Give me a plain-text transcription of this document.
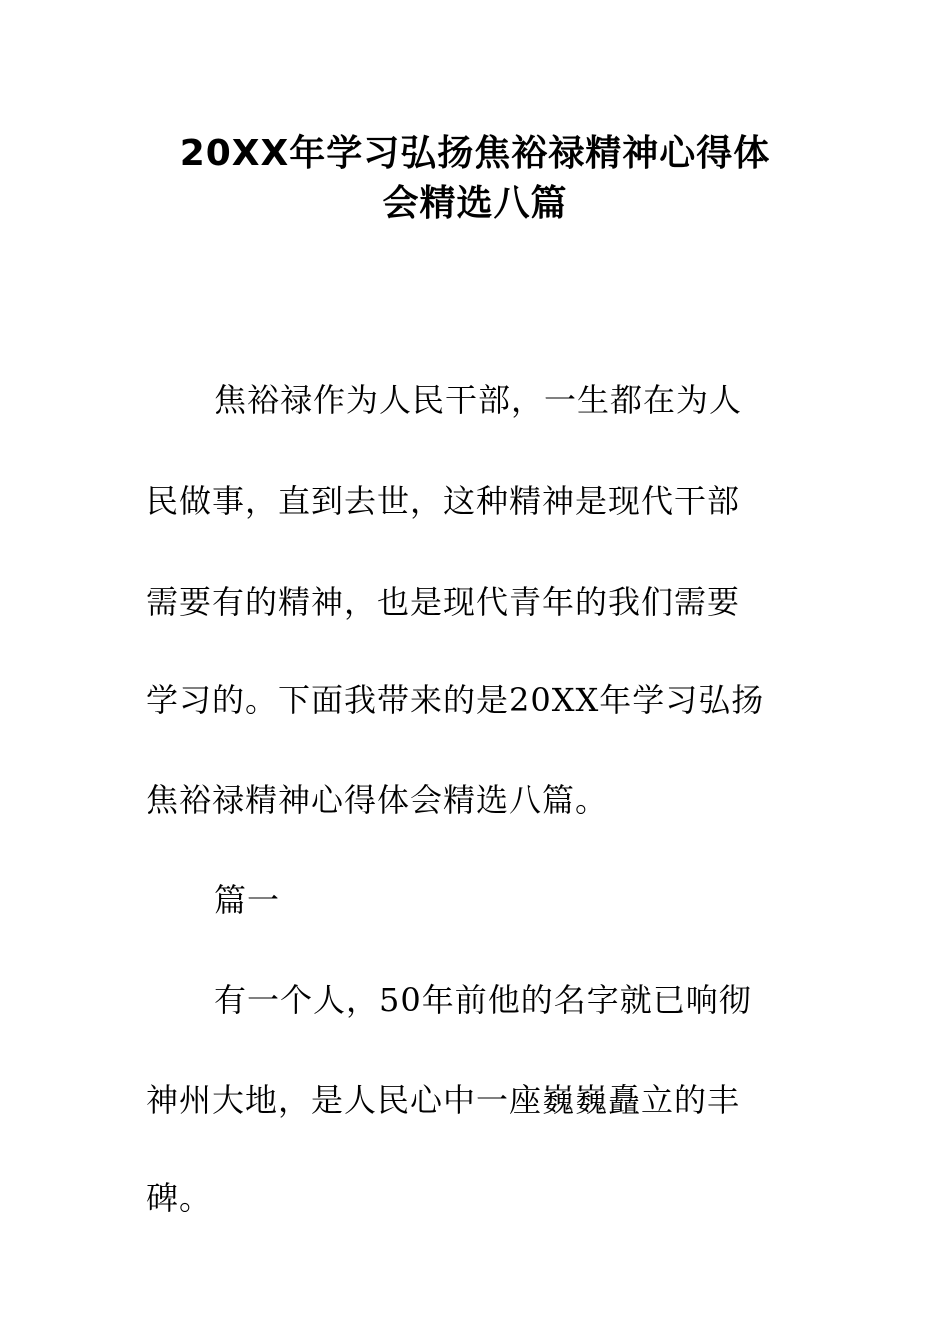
20XX年学习弘扬焦裕禄精神心得体
会精选八篇
焦裕禄作为人民干部，一生都在为人
民做事，直到去世，这种精神是现代干部
需要有的精神，也是现代青年的我们需要
学习的。下面我带来的是20XX年学习弘扬
焦裕禄精神心得体会精选八篇。
篇一
有一个人，50年前他的名字就已响彻
神州大地，是人民心中一座巍巍矗立的丰
碑。
